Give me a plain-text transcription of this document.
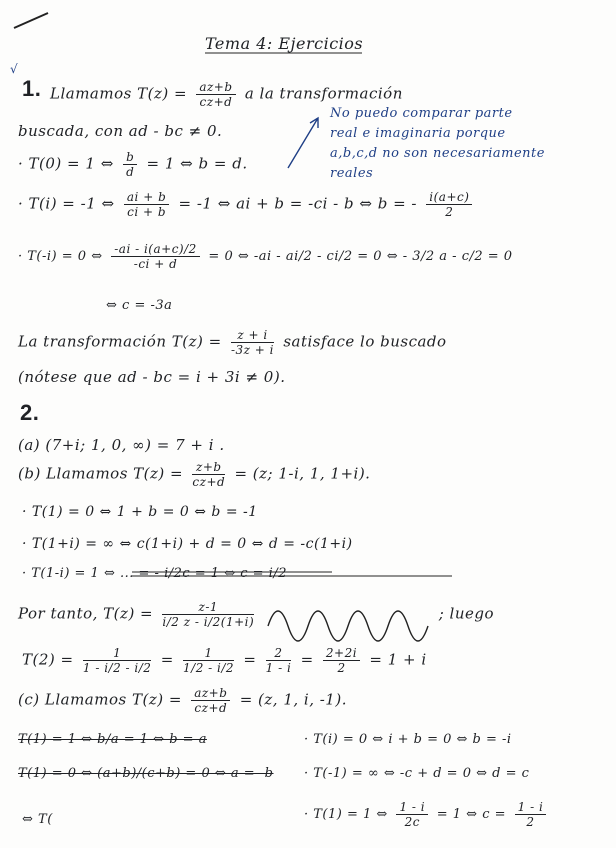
Tema 4: Ejercicios
√
1. Llamamos $T(z) = \frac{az+b}{cz+d}$ a la transformación
buscada, con ad - bc ≠ 0.
No puedo comparar parte
real e imaginaria porque
a,b,c,d no son necesariamente
reales
· T(0) = 1 ⇔ $\frac{b}{d} = 1$ ⇔ b = d.
· T(i) = -1 ⇔ $\frac{ai + b}{ci + b} = -1$ ⇔ ai + b = -ci - b ⇔ b = - $\frac{i(a+c)}{2}$
· T(-i) = 0 ⇔ $\frac{-ai - i(a+c)/2}{-ci + d} = 0$ ⇔ -ai - ai/2 - ci/2 = 0 ⇔ - 3/2 a - c/2 = 0
⇔ c = -3a
La transformación $T(z) = \frac{z + i}{-3z + i}$ satisface lo buscado
(nótese que ad - bc = i + 3i ≠ 0).
2.
(a) (7+i; 1, 0, ∞) = 7 + i .
(b) Llamamos $T(z) = \frac{z+b}{cz+d} = (z$; 1-i, 1, 1+i).
· T(1) = 0 ⇔ 1 + b = 0 ⇔ b = -1
· T(1+i) = ∞ ⇔ c(1+i) + d = 0 ⇔ d = -c(1+i)
· T(1-i) = 1 ⇔ ... = - i/2c = 1 ⇔ c = i/2
Por tanto, $T(z) = \frac{z-1}{i/2 z - i/2(1+i)}$	; luego
$T(2) = \frac{1}{1 - i/2 - i/2} = \frac{1}{1/2 - i/2} = \frac{2}{1 - i} = \frac{2+2i}{2} = 1 + i$
(c) Llamamos $T(z) = \frac{az+b}{cz+d} = (z$, 1, i, -1).
T(1) = 1 ⇔ b/a = 1 ⇔ b = a
T(1) = 0 ⇔ (a+b)/(c+b) = 0 ⇔ a = -b
⇔ T(
· T(i) = 0 ⇔ i + b = 0 ⇔ b = -i
· T(-1) = ∞ ⇔ -c + d = 0 ⇔ d = c
· T(1) = 1 ⇔ $\frac{1 - i}{2c} = 1$ ⇔ $c = \frac{1 - i}{2}$
